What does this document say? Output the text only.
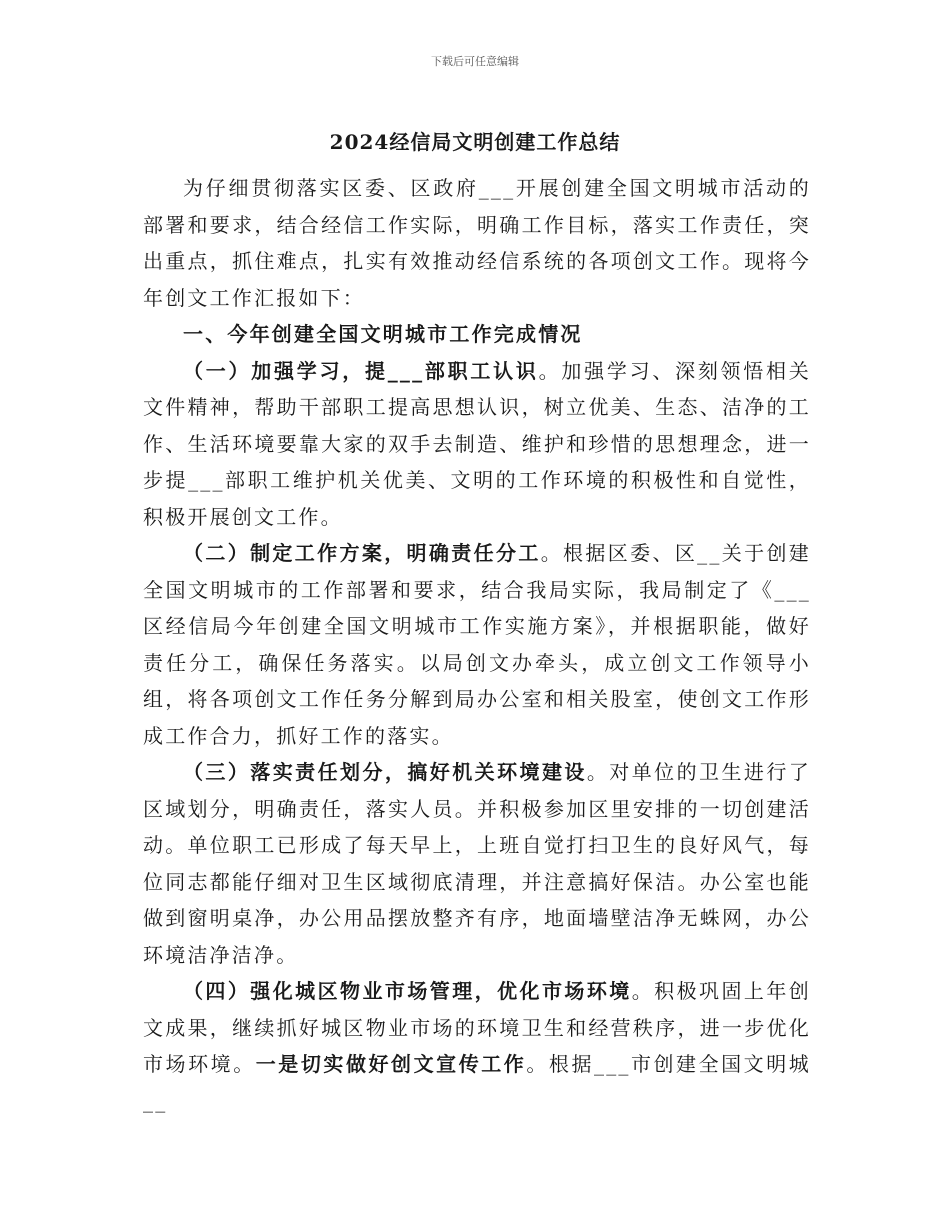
下载后可任意编辑
2024经信局文明创建工作总结

为仔细贯彻落实区委、区政府___开展创建全国文明城市活动的部署和要求，结合经信工作实际，明确工作目标，落实工作责任，突出重点，抓住难点，扎实有效推动经信系统的各项创文工作。现将今年创文工作汇报如下：

一、今年创建全国文明城市工作完成情况

（一）加强学习，提___部职工认识。加强学习、深刻领悟相关文件精神，帮助干部职工提高思想认识，树立优美、生态、洁净的工作、生活环境要靠大家的双手去制造、维护和珍惜的思想理念，进一步提___部职工维护机关优美、文明的工作环境的积极性和自觉性，积极开展创文工作。

（二）制定工作方案，明确责任分工。根据区委、区__关于创建全国文明城市的工作部署和要求，结合我局实际，我局制定了《___区经信局今年创建全国文明城市工作实施方案》，并根据职能，做好责任分工，确保任务落实。以局创文办牵头，成立创文工作领导小组，将各项创文工作任务分解到局办公室和相关股室，使创文工作形成工作合力，抓好工作的落实。

（三）落实责任划分，搞好机关环境建设。对单位的卫生进行了区域划分，明确责任，落实人员。并积极参加区里安排的一切创建活动。单位职工已形成了每天早上，上班自觉打扫卫生的良好风气，每位同志都能仔细对卫生区域彻底清理，并注意搞好保洁。办公室也能做到窗明桌净，办公用品摆放整齐有序，地面墙壁洁净无蛛网，办公环境洁净洁净。

（四）强化城区物业市场管理，优化市场环境。积极巩固上年创文成果，继续抓好城区物业市场的环境卫生和经营秩序，进一步优化市场环境。一是切实做好创文宣传工作。根据___市创建全国文明城__
